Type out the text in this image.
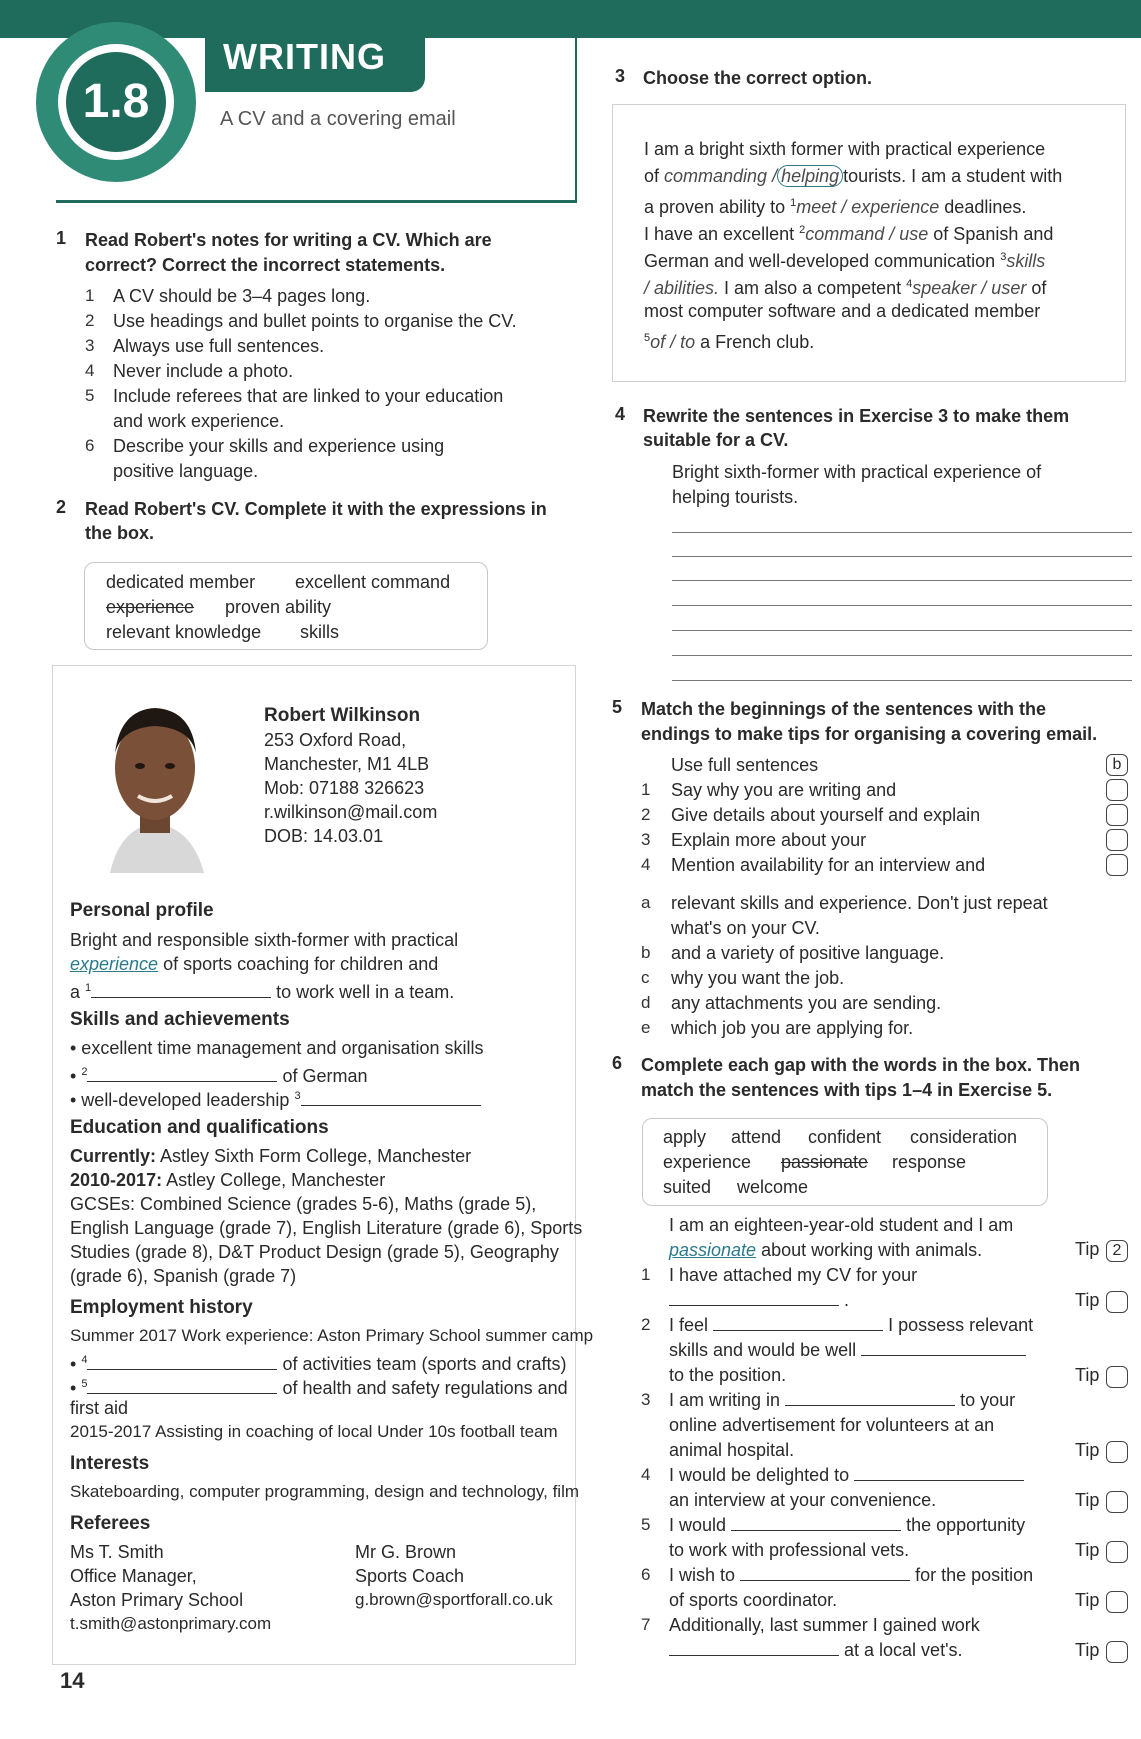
1.8
WRITING
A CV and a covering email
1 Read Robert's notes for writing a CV. Which are
correct? Correct the incorrect statements.
1 A CV should be 3–4 pages long.
2 Use headings and bullet points to organise the CV.
3 Always use full sentences.
4 Never include a photo.
5 Include referees that are linked to your education
and work experience.
6 Describe your skills and experience using
positive language.
2 Read Robert's CV. Complete it with the expressions in
the box.
dedicated member excellent command
experience proven ability
relevant knowledge skills
Robert Wilkinson
253 Oxford Road,
Manchester, M1 4LB
Mob: 07188 326623
r.wilkinson@mail.com
DOB: 14.03.01
Personal profile
Bright and responsible sixth-former with practical
experience of sports coaching for children and
a $^1$	to work well in a team.
Skills and achievements
• excellent time management and organisation skills
• $^2$	of German
• well-developed leadership $^3$
Education and qualifications
Currently: Astley Sixth Form College, Manchester
2010-2017: Astley College, Manchester
GCSEs: Combined Science (grades 5-6), Maths (grade 5),
English Language (grade 7), English Literature (grade 6), Sports
Studies (grade 8), D&T Product Design (grade 5), Geography
(grade 6), Spanish (grade 7)
Employment history
Summer 2017 Work experience: Aston Primary School summer camp
• $^4$	of activities team (sports and crafts)
• $^5$	of health and safety regulations and
first aid
2015-2017 Assisting in coaching of local Under 10s football team
Interests
Skateboarding, computer programming, design and technology, film
Referees
Ms T. Smith
Office Manager,
Aston Primary School
t.smith@astonprimary.com
Mr G. Brown
Sports Coach
g.brown@sportforall.co.uk
14
3 Choose the correct option.
I am a bright sixth former with practical experience
of commanding / helping tourists. I am a student with
a proven ability to $^1$meet / experience deadlines.
I have an excellent $^2$command / use of Spanish and
German and well-developed communication $^3$skills
/ abilities. I am also a competent $^4$speaker / user of
most computer software and a dedicated member
$^5$of / to a French club.
4 Rewrite the sentences in Exercise 3 to make them
suitable for a CV.
Bright sixth-former with practical experience of
helping tourists.
5 Match the beginnings of the sentences with the
endings to make tips for organising a covering email.
Use full sentences	b
1 Say why you are writing and
2 Give details about yourself and explain
3 Explain more about your
4 Mention availability for an interview and
a relevant skills and experience. Don't just repeat
what's on your CV.
b and a variety of positive language.
c why you want the job.
d any attachments you are sending.
e which job you are applying for.
6 Complete each gap with the words in the box. Then
match the sentences with tips 1–4 in Exercise 5.
apply attend confident consideration
experience passionate response
suited welcome
I am an eighteen-year-old student and I am
passionate about working with animals.	Tip 2
1 I have attached my CV for your
.	Tip
2 I feel	I possess relevant
skills and would be well
to the position.	Tip
3 I am writing in	to your
online advertisement for volunteers at an
animal hospital.	Tip
4 I would be delighted to
an interview at your convenience.	Tip
5 I would	the opportunity
to work with professional vets.	Tip
6 I wish to	for the position
of sports coordinator.	Tip
7 Additionally, last summer I gained work
at a local vet's.	Tip
